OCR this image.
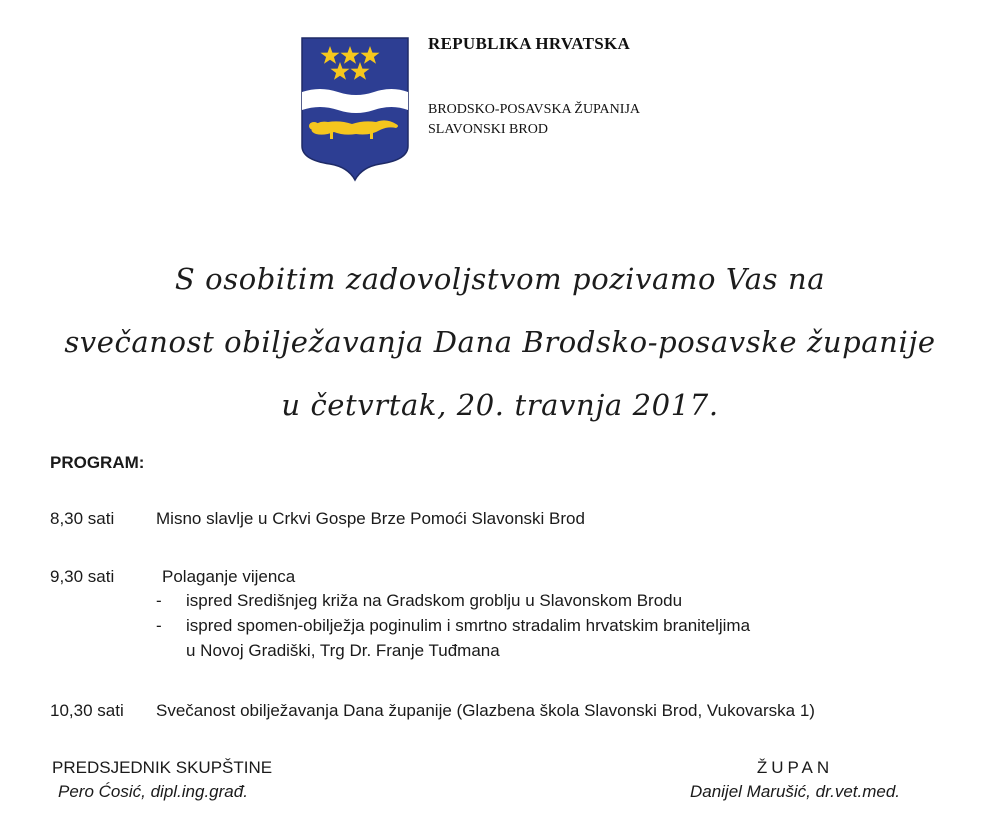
REPUBLIKA HRVATSKA

BRODSKO-POSAVSKA ŽUPANIJA

SLAVONSKI BROD

S osobitim zadovoljstvom pozivamo Vas na
svečanost obilježavanja Dana Brodsko-posavske županije
u četvrtak, 20. travnja 2017.
PROGRAM:
8,30 sati Misno slavlje u Crkvi Gospe Brze Pomoći Slavonski Brod
9,30 sati	Polaganje vijenca
- ispred Središnjeg križa na Gradskom groblju u Slavonskom Brodu
- ispred spomen-obilježja poginulim i smrtno stradalim hrvatskim braniteljima
u Novoj Gradiški, Trg Dr. Franje Tuđmana
10,30 sati Svečanost obilježavanja Dana županije (Glazbena škola Slavonski Brod, Vukovarska 1)
PREDSJEDNIK SKUPŠTINE
Pero Ćosić, dipl.ing.građ.
ŽUPAN
Danijel Marušić, dr.vet.med.
